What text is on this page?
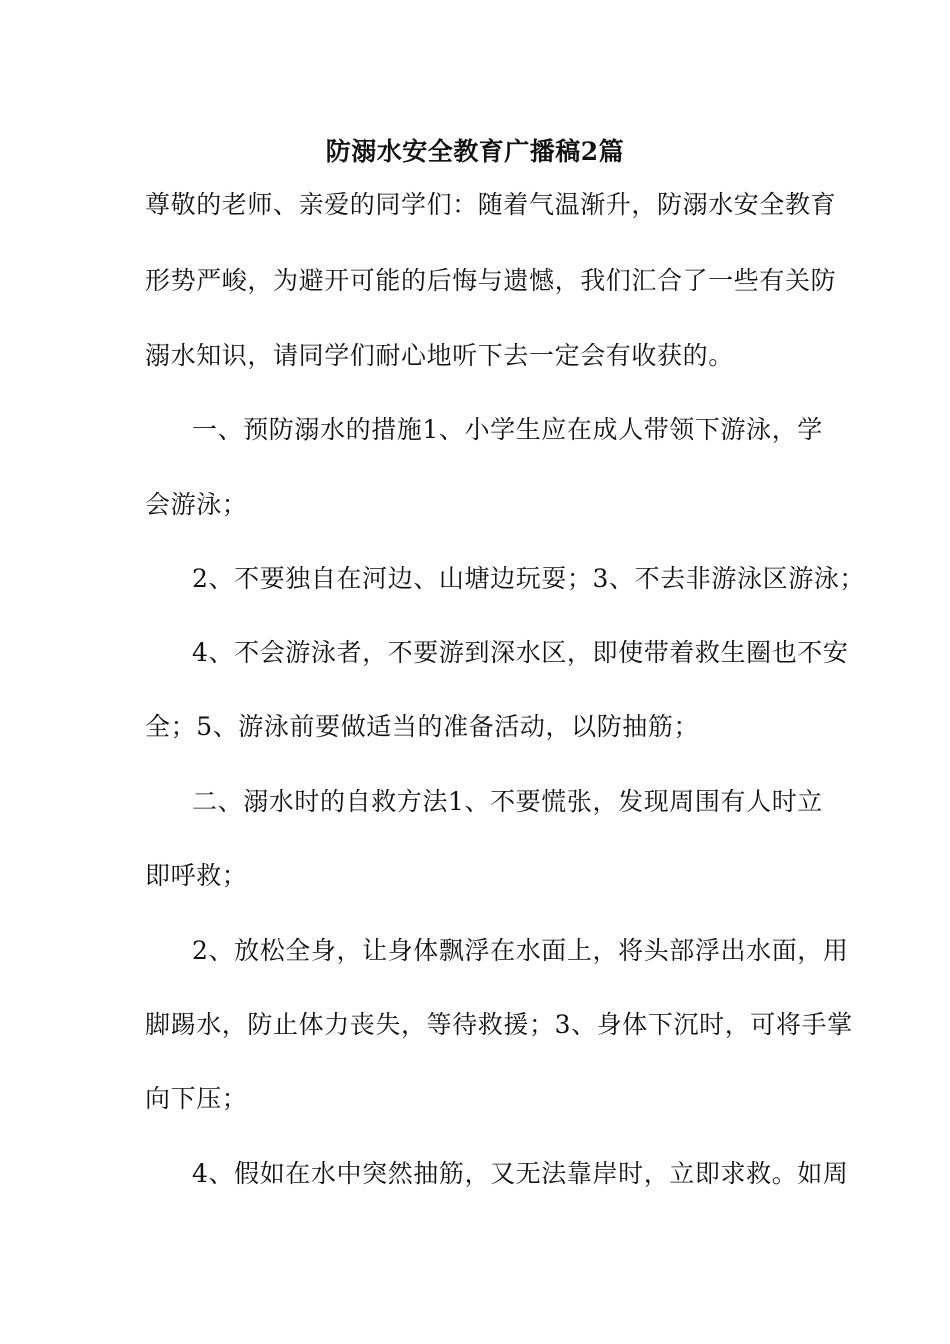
防溺水安全教育广播稿2篇
尊敬的老师、亲爱的同学们：随着气温渐升，防溺水安全教育
形势严峻，为避开可能的后悔与遗憾，我们汇合了一些有关防
溺水知识，请同学们耐心地听下去一定会有收获的。
一、预防溺水的措施1、小学生应在成人带领下游泳，学
会游泳；
2、不要独自在河边、山塘边玩耍；3、不去非游泳区游泳；
4、不会游泳者，不要游到深水区，即使带着救生圈也不安
全；5、游泳前要做适当的准备活动，以防抽筋；
二、溺水时的自救方法1、不要慌张，发现周围有人时立
即呼救；
2、放松全身，让身体飘浮在水面上，将头部浮出水面，用
脚踢水，防止体力丧失，等待救援；3、身体下沉时，可将手掌
向下压；
4、假如在水中突然抽筋，又无法靠岸时，立即求救。如周
